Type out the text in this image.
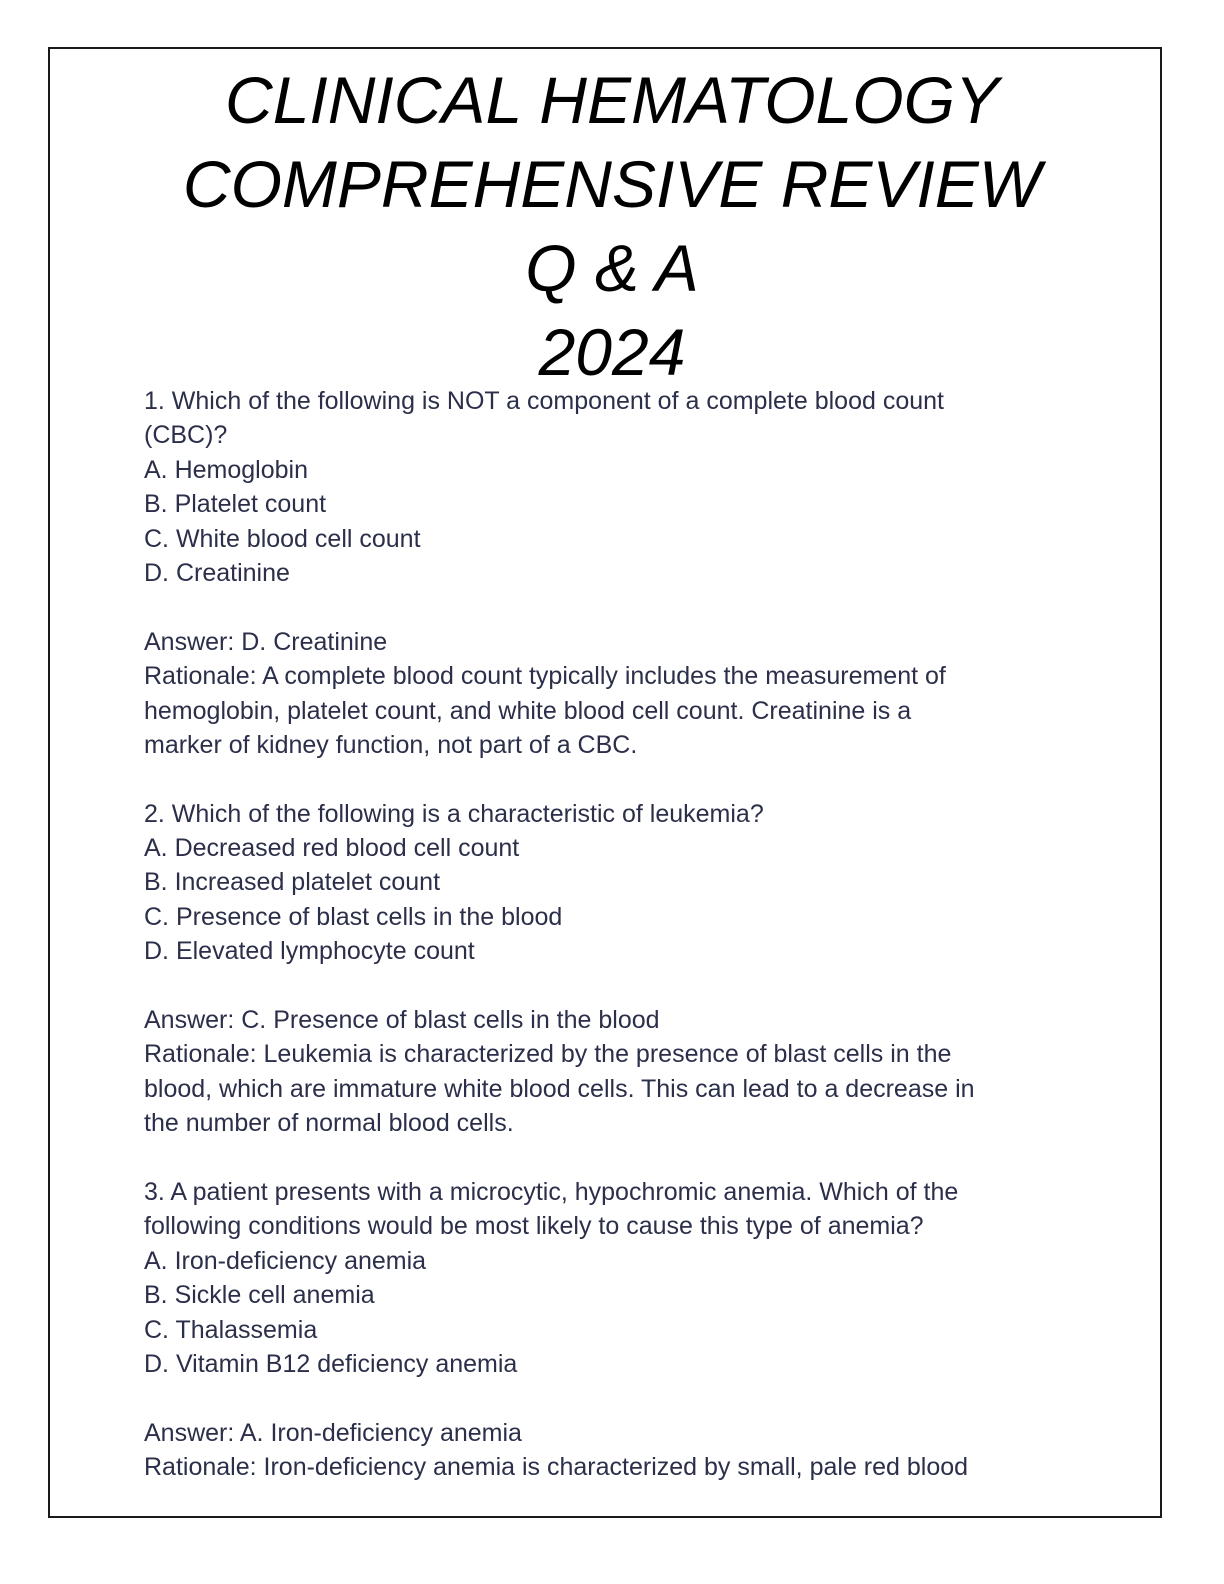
CLINICAL HEMATOLOGY
COMPREHENSIVE REVIEW
Q & A
2024
1. Which of the following is NOT a component of a complete blood count
(CBC)?
A. Hemoglobin
B. Platelet count
C. White blood cell count
D. Creatinine
Answer: D. Creatinine
Rationale: A complete blood count typically includes the measurement of
hemoglobin, platelet count, and white blood cell count. Creatinine is a
marker of kidney function, not part of a CBC.
2. Which of the following is a characteristic of leukemia?
A. Decreased red blood cell count
B. Increased platelet count
C. Presence of blast cells in the blood
D. Elevated lymphocyte count
Answer: C. Presence of blast cells in the blood
Rationale: Leukemia is characterized by the presence of blast cells in the
blood, which are immature white blood cells. This can lead to a decrease in
the number of normal blood cells.
3. A patient presents with a microcytic, hypochromic anemia. Which of the
following conditions would be most likely to cause this type of anemia?
A. Iron-deficiency anemia
B. Sickle cell anemia
C. Thalassemia
D. Vitamin B12 deficiency anemia
Answer: A. Iron-deficiency anemia
Rationale: Iron-deficiency anemia is characterized by small, pale red blood
